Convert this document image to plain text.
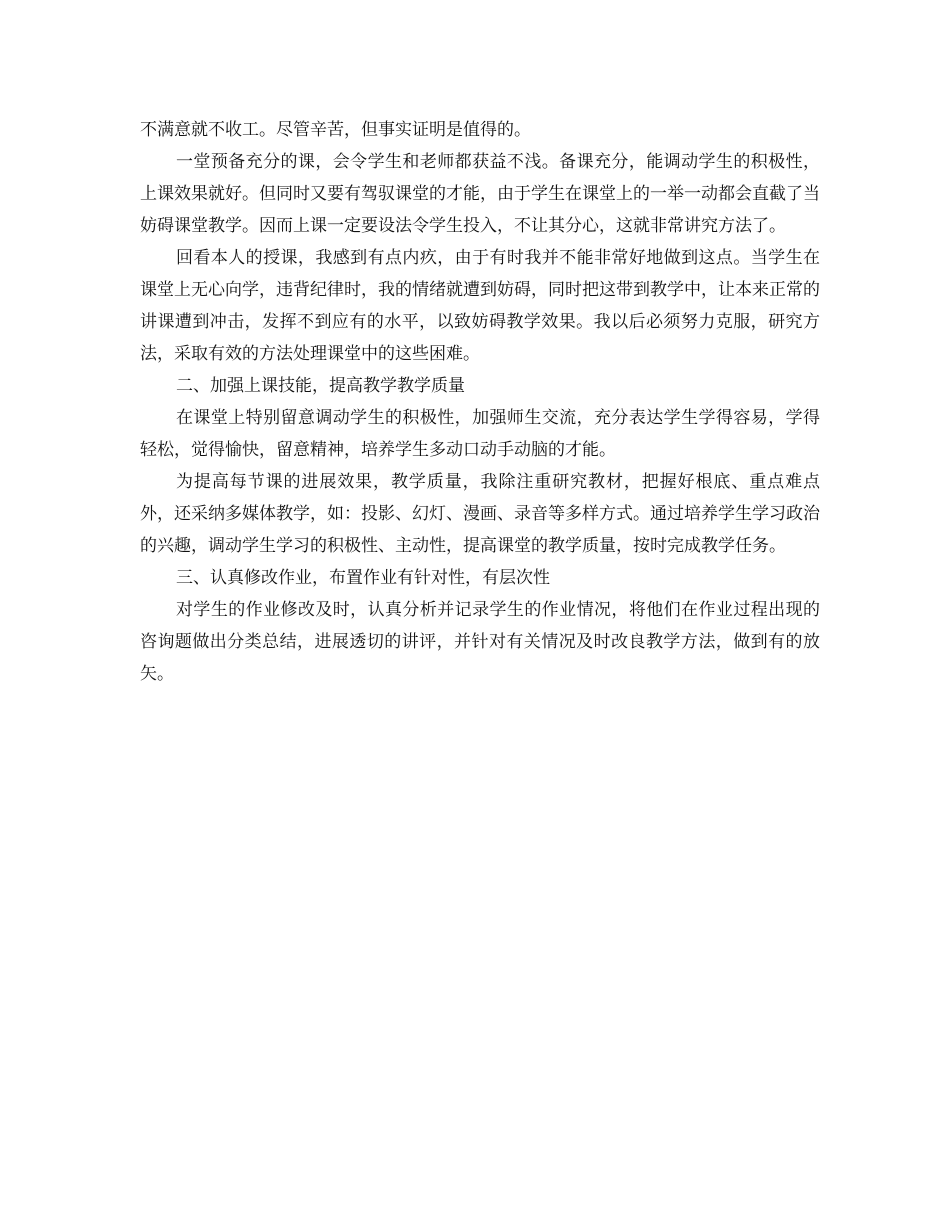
不满意就不收工。尽管辛苦，但事实证明是值得的。

一堂预备充分的课，会令学生和老师都获益不浅。备课充分，能调动学生的积极性，上课效果就好。但同时又要有驾驭课堂的才能，由于学生在课堂上的一举一动都会直截了当妨碍课堂教学。因而上课一定要设法令学生投入，不让其分心，这就非常讲究方法了。

回看本人的授课，我感到有点内疚，由于有时我并不能非常好地做到这点。当学生在课堂上无心向学，违背纪律时，我的情绪就遭到妨碍，同时把这带到教学中，让本来正常的讲课遭到冲击，发挥不到应有的水平，以致妨碍教学效果。我以后必须努力克服，研究方法，采取有效的方法处理课堂中的这些困难。

二、加强上课技能，提高教学教学质量

在课堂上特别留意调动学生的积极性，加强师生交流，充分表达学生学得容易，学得轻松，觉得愉快，留意精神，培养学生多动口动手动脑的才能。

为提高每节课的进展效果，教学质量，我除注重研究教材，把握好根底、重点难点外，还采纳多媒体教学，如：投影、幻灯、漫画、录音等多样方式。通过培养学生学习政治的兴趣，调动学生学习的积极性、主动性，提高课堂的教学质量，按时完成教学任务。

三、认真修改作业，布置作业有针对性，有层次性

对学生的作业修改及时，认真分析并记录学生的作业情况，将他们在作业过程出现的咨询题做出分类总结，进展透切的讲评，并针对有关情况及时改良教学方法，做到有的放矢。
